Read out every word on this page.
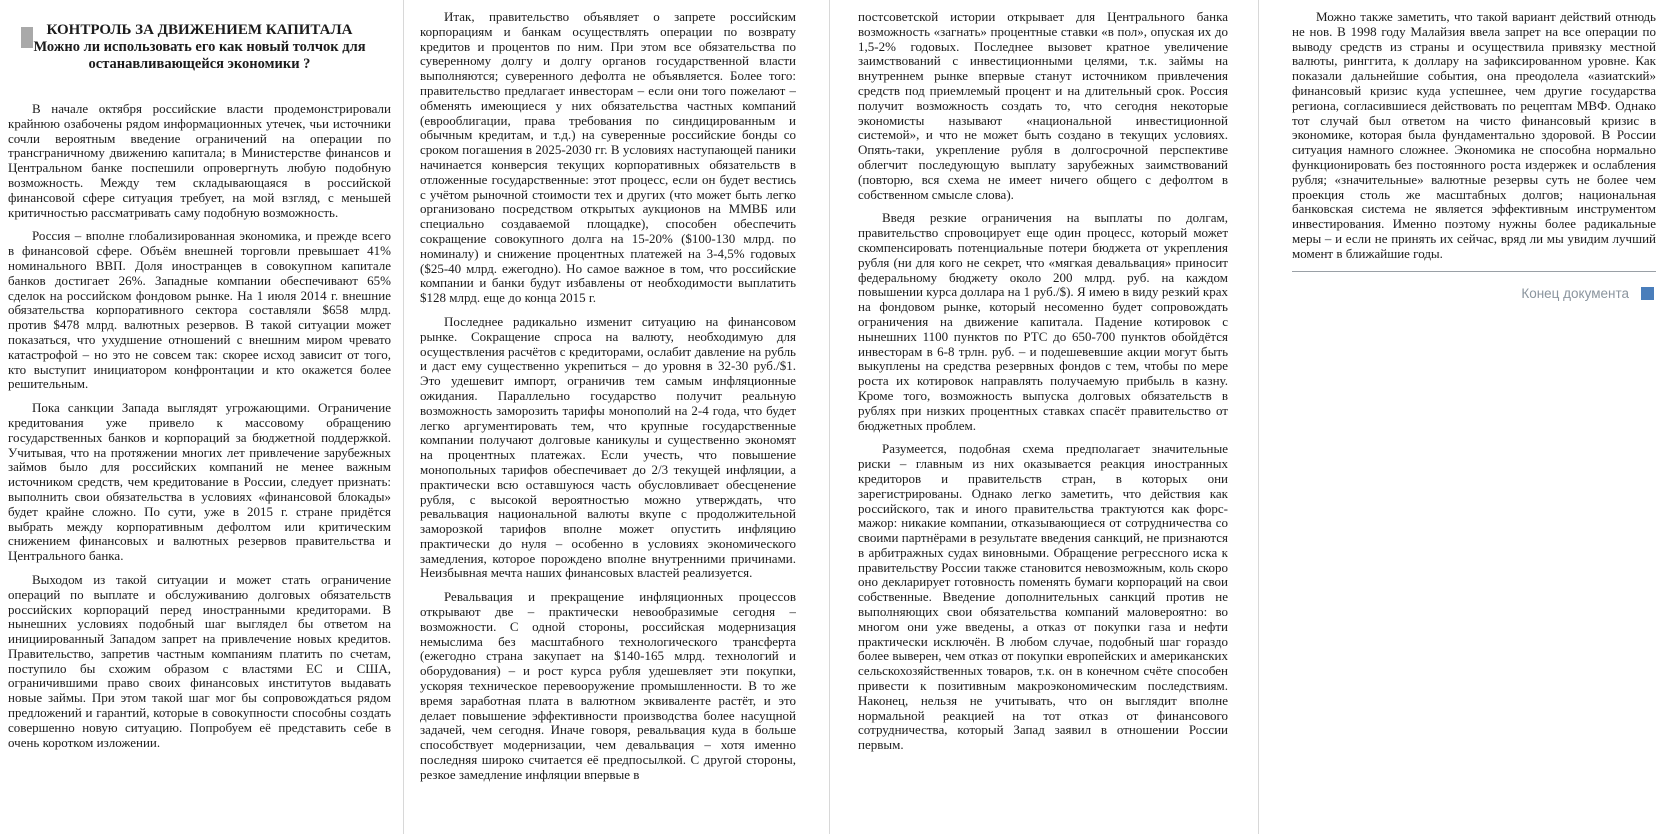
КОНТРОЛЬ ЗА ДВИЖЕНИЕМ КАПИТАЛА
Можно ли использовать его как новый толчок для останавливающейся экономики ?

В начале октября российские власти продемонстрировали крайнюю озабочены рядом информационных утечек, чьи источники сочли вероятным введение ограничений на операции по трансграничному движению капитала; в Министерстве финансов и Центральном банке поспешили опровергнуть любую подобную возможность. Между тем складывающаяся в российской финансовой сфере ситуация требует, на мой взгляд, с меньшей критичностью рассматривать саму подобную возможность.

Россия – вполне глобализированная экономика, и прежде всего в финансовой сфере. Объём внешней торговли превышает 41% номинального ВВП. Доля иностранцев в совокупном капитале банков достигает 26%. Западные компании обеспечивают 65% сделок на российском фондовом рынке. На 1 июля 2014 г. внешние обязательства корпоративного сектора составляли $658 млрд. против $478 млрд. валютных резервов. В такой ситуации может показаться, что ухудшение отношений с внешним миром чревато катастрофой – но это не совсем так: скорее исход зависит от того, кто выступит инициатором конфронтации и кто окажется более решительным.

Пока санкции Запада выглядят угрожающими. Ограничение кредитования уже привело к массовому обращению государственных банков и корпораций за бюджетной поддержкой. Учитывая, что на протяжении многих лет привлечение зарубежных займов было для российских компаний не менее важным источником средств, чем кредитование в России, следует признать: выполнить свои обязательства в условиях «финансовой блокады» будет крайне сложно. По сути, уже в 2015 г. стране придётся выбрать между корпоративным дефолтом или критическим снижением финансовых и валютных резервов правительства и Центрального банка.

Выходом из такой ситуации и может стать ограничение операций по выплате и обслуживанию долговых обязательств российских корпораций перед иностранными кредиторами. В нынешних условиях подобный шаг выглядел бы ответом на инициированный Западом запрет на привлечение новых кредитов. Правительство, запретив частным компаниям платить по счетам, поступило бы схожим образом с властями ЕС и США, ограничившими право своих финансовых институтов выдавать новые займы. При этом такой шаг мог бы сопровождаться рядом предложений и гарантий, которые в совокупности способны создать совершенно новую ситуацию. Попробуем её представить себе в очень коротком изложении.

Итак, правительство объявляет о запрете российским корпорациям и банкам осуществлять операции по возврату кредитов и процентов по ним. При этом все обязательства по суверенному долгу и долгу органов государственной власти выполняются; суверенного дефолта не объявляется. Более того: правительство предлагает инвесторам – если они того пожелают – обменять имеющиеся у них обязательства частных компаний (еврооблигации, права требования по синдицированным и обычным кредитам, и т.д.) на суверенные российские бонды со сроком погашения в 2025-2030 гг. В условиях наступающей паники начинается конверсия текущих корпоративных обязательств в отложенные государственные: этот процесс, если он будет вестись с учётом рыночной стоимости тех и других (что может быть легко организовано посредством открытых аукционов на ММВБ или специально создаваемой площадке), способен обеспечить сокращение совокупного долга на 15-20% ($100-130 млрд. по номиналу) и снижение процентных платежей на 3-4,5% годовых ($25-40 млрд. ежегодно). Но самое важное в том, что российские компании и банки будут избавлены от необходимости выплатить $128 млрд. еще до конца 2015 г.

Последнее радикально изменит ситуацию на финансовом рынке. Сокращение спроса на валюту, необходимую для осуществления расчётов с кредиторами, ослабит давление на рубль и даст ему существенно укрепиться – до уровня в 32-30 руб./$1. Это удешевит импорт, ограничив тем самым инфляционные ожидания. Параллельно государство получит реальную возможность заморозить тарифы монополий на 2-4 года, что будет легко аргументировать тем, что крупные государственные компании получают долговые каникулы и существенно экономят на процентных платежах. Если учесть, что повышение монопольных тарифов обеспечивает до 2/3 текущей инфляции, а практически всю оставшуюся часть обусловливает обесценение рубля, с высокой вероятностью можно утверждать, что ревальвация национальной валюты вкупе с продолжительной заморозкой тарифов вполне может опустить инфляцию практически до нуля – особенно в условиях экономического замедления, которое порождено вполне внутренними причинами. Неизбывная мечта наших финансовых властей реализуется.

Ревальвация и прекращение инфляционных процессов открывают две – практически невообразимые сегодня – возможности. С одной стороны, российская модернизация немыслима без масштабного технологического трансферта (ежегодно страна закупает на $140-165 млрд. технологий и оборудования) – и рост курса рубля удешевляет эти покупки, ускоряя техническое перевооружение промышленности. В то же время заработная плата в валютном эквиваленте растёт, и это делает повышение эффективности производства более насущной задачей, чем сегодня. Иначе говоря, ревальвация куда в больше способствует модернизации, чем девальвация – хотя именно последняя широко считается её предпосылкой. С другой стороны, резкое замедление инфляции впервые в

постсоветской истории открывает для Центрального банка возможность «загнать» процентные ставки «в пол», опуская их до 1,5-2% годовых. Последнее вызовет кратное увеличение заимствований с инвестиционными целями, т.к. займы на внутреннем рынке впервые станут источником привлечения средств под приемлемый процент и на длительный срок. Россия получит возможность создать то, что сегодня некоторые экономисты называют «национальной инвестиционной системой», и что не может быть создано в текущих условиях. Опять-таки, укрепление рубля в долгосрочной перспективе облегчит последующую выплату зарубежных заимствований (повторю, вся схема не имеет ничего общего с дефолтом в собственном смысле слова).

Введя резкие ограничения на выплаты по долгам, правительство спровоцирует еще один процесс, который может скомпенсировать потенциальные потери бюджета от укрепления рубля (ни для кого не секрет, что «мягкая девальвация» приносит федеральному бюджету около 200 млрд. руб. на каждом повышении курса доллара на 1 руб./$). Я имею в виду резкий крах на фондовом рынке, который несоменно будет сопровождать ограничения на движение капитала. Падение котировок с нынешних 1100 пунктов по РТС до 650-700 пунктов обойдётся инвесторам в 6-8 трлн. руб. – и подешевевшие акции могут быть выкуплены на средства резервных фондов с тем, чтобы по мере роста их котировок направлять получаемую прибыль в казну. Кроме того, возможность выпуска долговых обязательств в рублях при низких процентных ставках спасёт правительство от бюджетных проблем.

Разумеется, подобная схема предполагает значительные риски – главным из них оказывается реакция иностранных кредиторов и правительств стран, в которых они зарегистрированы. Однако легко заметить, что действия как российского, так и иного правительства трактуются как форс-мажор: никакие компании, отказывающиеся от сотрудничества со своими партнёрами в результате введения санкций, не признаются в арбитражных судах виновными. Обращение регрессного иска к правительству России также становится невозможным, коль скоро оно декларирует готовность поменять бумаги корпораций на свои собственные. Введение дополнительных санкций против не выполняющих свои обязательства компаний маловероятно: во многом они уже введены, а отказ от покупки газа и нефти практически исключён. В любом случае, подобный шаг гораздо более выверен, чем отказ от покупки европейских и американских сельскохозяйственных товаров, т.к. он в конечном счёте способен привести к позитивным макроэкономическим последствиям. Наконец, нельзя не учитывать, что он выглядит вполне нормальной реакцией на тот отказ от финансового сотрудничества, который Запад заявил в отношении России первым.

Можно также заметить, что такой вариант действий отнюдь не нов. В 1998 году Малайзия ввела запрет на все операции по выводу средств из страны и осуществила привязку местной валюты, ринггита, к доллару на зафиксированном уровне. Как показали дальнейшие события, она преодолела «азиатский» финансовый кризис куда успешнее, чем другие государства региона, согласившиеся действовать по рецептам МВФ. Однако тот случай был ответом на чисто финансовый кризис в экономике, которая была фундаментально здоровой. В России ситуация намного сложнее. Экономика не способна нормально функционировать без постоянного роста издержек и ослабления рубля; «значительные» валютные резервы суть не более чем проекция столь же масштабных долгов; национальная банковская система не является эффективным инструментом инвестирования. Именно поэтому нужны более радикальные меры – и если не принять их сейчас, вряд ли мы увидим лучший момент в ближайшие годы.

Конец документа
